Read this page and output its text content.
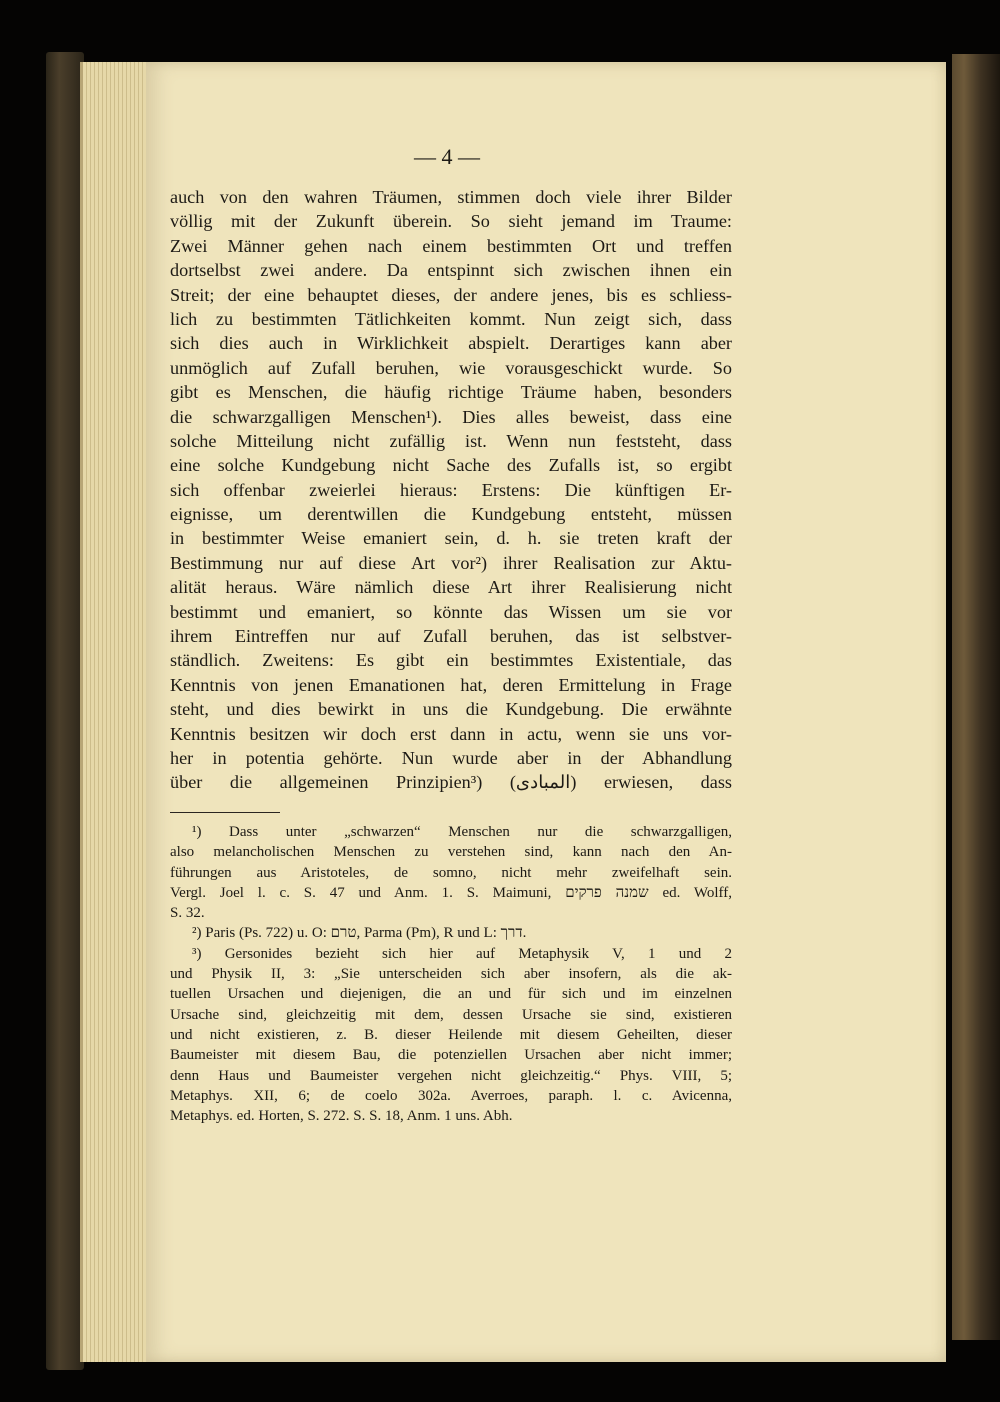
— 4 —
auch von den wahren Träumen, stimmen doch viele ihrer Bilder
völlig mit der Zukunft überein. So sieht jemand im Traume:
Zwei Männer gehen nach einem bestimmten Ort und treffen
dortselbst zwei andere. Da entspinnt sich zwischen ihnen ein
Streit; der eine behauptet dieses, der andere jenes, bis es schliess-
lich zu bestimmten Tätlichkeiten kommt. Nun zeigt sich, dass
sich dies auch in Wirklichkeit abspielt. Derartiges kann aber
unmöglich auf Zufall beruhen, wie vorausgeschickt wurde. So
gibt es Menschen, die häufig richtige Träume haben, besonders
die schwarzgalligen Menschen¹). Dies alles beweist, dass eine
solche Mitteilung nicht zufällig ist. Wenn nun feststeht, dass
eine solche Kundgebung nicht Sache des Zufalls ist, so ergibt
sich offenbar zweierlei hieraus: Erstens: Die künftigen Er-
eignisse, um derentwillen die Kundgebung entsteht, müssen
in bestimmter Weise emaniert sein, d. h. sie treten kraft der
Bestimmung nur auf diese Art vor²) ihrer Realisation zur Aktu-
alität heraus. Wäre nämlich diese Art ihrer Realisierung nicht
bestimmt und emaniert, so könnte das Wissen um sie vor
ihrem Eintreffen nur auf Zufall beruhen, das ist selbstver-
ständlich. Zweitens: Es gibt ein bestimmtes Existentiale, das
Kenntnis von jenen Emanationen hat, deren Ermittelung in Frage
steht, und dies bewirkt in uns die Kundgebung. Die erwähnte
Kenntnis besitzen wir doch erst dann in actu, wenn sie uns vor-
her in potentia gehörte. Nun wurde aber in der Abhandlung
über die allgemeinen Prinzipien³) (المبادى) erwiesen, dass
¹) Dass unter „schwarzen“ Menschen nur die schwarzgalligen,
also melancholischen Menschen zu verstehen sind, kann nach den An-
führungen aus Aristoteles, de somno, nicht mehr zweifelhaft sein.
Vergl. Joel l. c. S. 47 und Anm. 1. S. Maimuni, שמנה פרקים ed. Wolff,
S. 32.
²) Paris (Ps. 722) u. O: טרם, Parma (Pm), R und L: דרך.
³) Gersonides bezieht sich hier auf Metaphysik V, 1 und 2
und Physik II, 3: „Sie unterscheiden sich aber insofern, als die ak-
tuellen Ursachen und diejenigen, die an und für sich und im einzelnen
Ursache sind, gleichzeitig mit dem, dessen Ursache sie sind, existieren
und nicht existieren, z. B. dieser Heilende mit diesem Geheilten, dieser
Baumeister mit diesem Bau, die potenziellen Ursachen aber nicht immer;
denn Haus und Baumeister vergehen nicht gleichzeitig.“ Phys. VIII, 5;
Metaphys. XII, 6; de coelo 302a. Averroes, paraph. l. c. Avicenna,
Metaphys. ed. Horten, S. 272. S. S. 18, Anm. 1 uns. Abh.
